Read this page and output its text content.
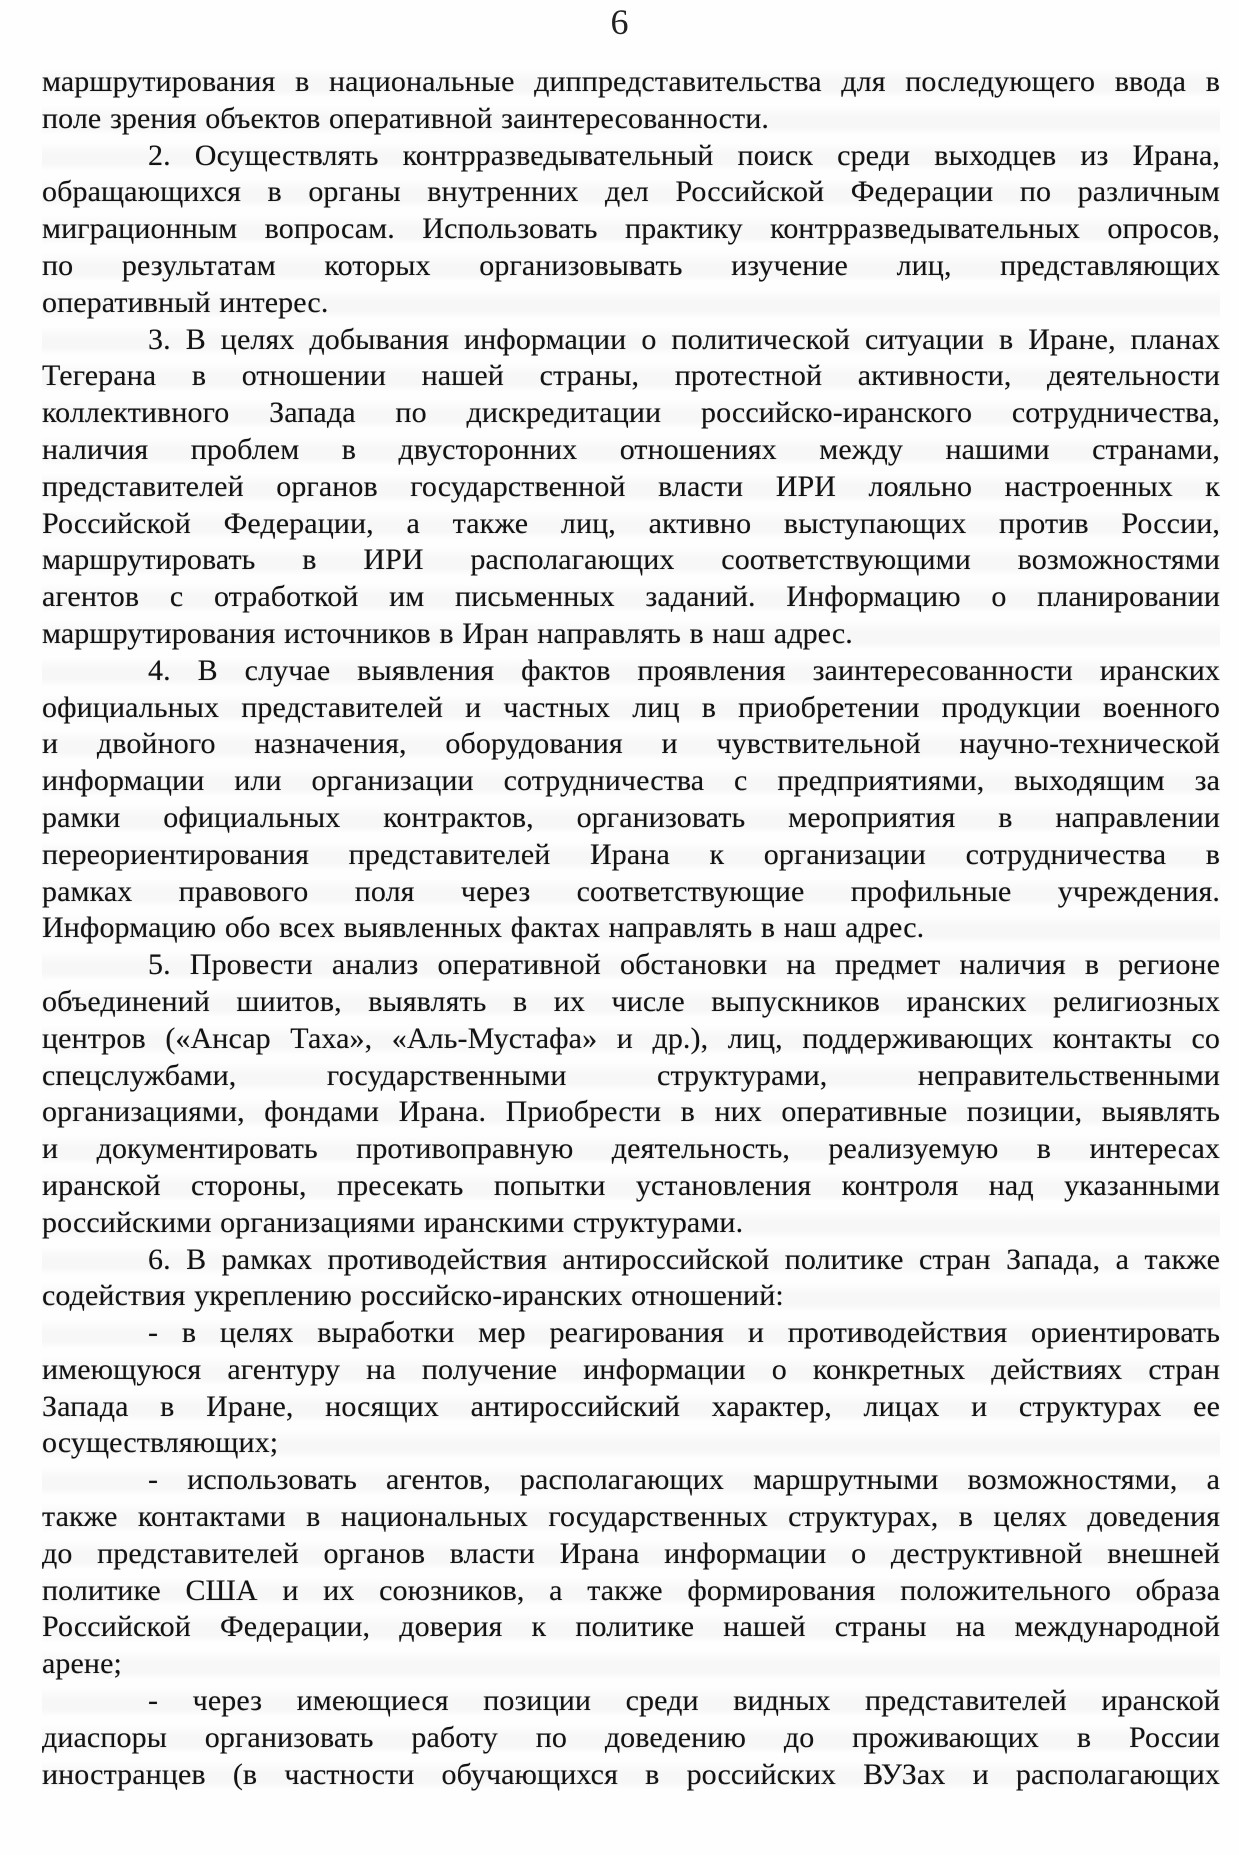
6
маршрутирования в национальные диппредставительства для последующего ввода в
поле зрения объектов оперативной заинтересованности.
2. Осуществлять контрразведывательный поиск среди выходцев из Ирана,
обращающихся в органы внутренних дел Российской Федерации по различным
миграционным вопросам. Использовать практику контрразведывательных опросов,
по результатам которых организовывать изучение лиц, представляющих
оперативный интерес.
3. В целях добывания информации о политической ситуации в Иране, планах
Тегерана в отношении нашей страны, протестной активности, деятельности
коллективного Запада по дискредитации российско-иранского сотрудничества,
наличия проблем в двусторонних отношениях между нашими странами,
представителей органов государственной власти ИРИ лояльно настроенных к
Российской Федерации, а также лиц, активно выступающих против России,
маршрутировать в ИРИ располагающих соответствующими возможностями
агентов с отработкой им письменных заданий. Информацию о планировании
маршрутирования источников в Иран направлять в наш адрес.
4. В случае выявления фактов проявления заинтересованности иранских
официальных представителей и частных лиц в приобретении продукции военного
и двойного назначения, оборудования и чувствительной научно-технической
информации или организации сотрудничества с предприятиями, выходящим за
рамки официальных контрактов, организовать мероприятия в направлении
переориентирования представителей Ирана к организации сотрудничества в
рамках правового поля через соответствующие профильные учреждения.
Информацию обо всех выявленных фактах направлять в наш адрес.
5. Провести анализ оперативной обстановки на предмет наличия в регионе
объединений шиитов, выявлять в их числе выпускников иранских религиозных
центров («Ансар Таха», «Аль-Мустафа» и др.), лиц, поддерживающих контакты со
спецслужбами, государственными структурами, неправительственными
организациями, фондами Ирана. Приобрести в них оперативные позиции, выявлять
и документировать противоправную деятельность, реализуемую в интересах
иранской стороны, пресекать попытки установления контроля над указанными
российскими организациями иранскими структурами.
6. В рамках противодействия антироссийской политике стран Запада, а также
содействия укреплению российско-иранских отношений:
- в целях выработки мер реагирования и противодействия ориентировать
имеющуюся агентуру на получение информации о конкретных действиях стран
Запада в Иране, носящих антироссийский характер, лицах и структурах ее
осуществляющих;
- использовать агентов, располагающих маршрутными возможностями, а
также контактами в национальных государственных структурах, в целях доведения
до представителей органов власти Ирана информации о деструктивной внешней
политике США и их союзников, а также формирования положительного образа
Российской Федерации, доверия к политике нашей страны на международной
арене;
- через имеющиеся позиции среди видных представителей иранской
диаспоры организовать работу по доведению до проживающих в России
иностранцев (в частности обучающихся в российских ВУЗах и располагающих
